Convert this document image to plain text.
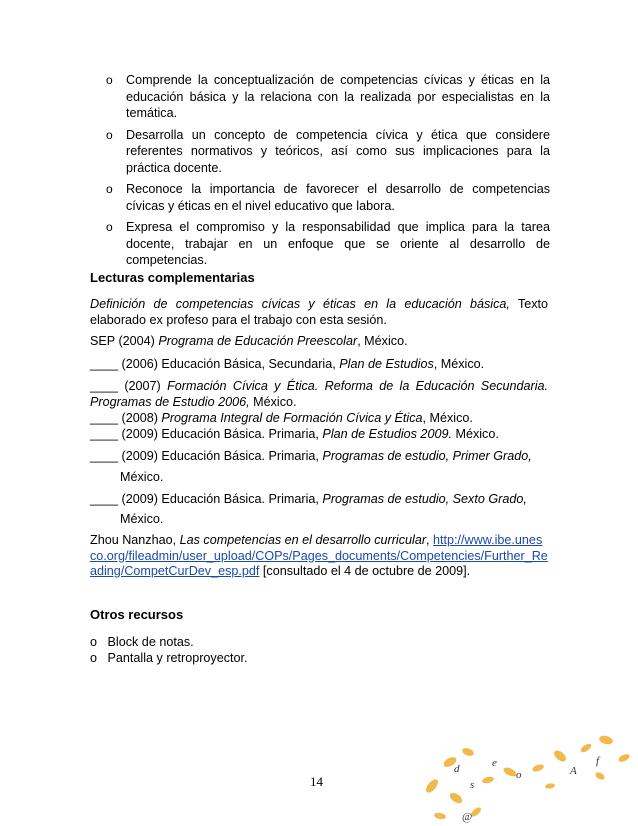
o Comprende la conceptualización de competencias cívicas y éticas en la educación básica y la relaciona con la realizada por especialistas en la temática.
o Desarrolla un concepto de competencia cívica y ética que considere referentes normativos y teóricos, así como sus implicaciones para la práctica docente.
o Reconoce la importancia de favorecer el desarrollo de competencias cívicas y éticas en el nivel educativo que labora.
o Expresa el compromiso y la responsabilidad que implica para la tarea docente, trabajar en un enfoque que se oriente al desarrollo de competencias.
Lecturas complementarias
Definición de competencias cívicas y éticas en la educación básica, Texto elaborado ex profeso para el trabajo con esta sesión.
SEP (2004) Programa de Educación Preescolar, México.
____ (2006) Educación Básica, Secundaria, Plan de Estudios, México.
____ (2007) Formación Cívica y Ética. Reforma de la Educación Secundaria. Programas de Estudio 2006, México.
____ (2008) Programa Integral de Formación Cívica y Ética, México.
____ (2009) Educación Básica. Primaria, Plan de Estudios 2009. México.
____ (2009) Educación Básica. Primaria, Programas de estudio, Primer Grado,
México.
____ (2009) Educación Básica. Primaria, Programas de estudio, Sexto Grado,
México.
Zhou Nanzhao, Las competencias en el desarrollo curricular, http://www.ibe.unesco.org/fileadmin/user_upload/COPs/Pages_documents/Competencies/Further_Reading/CompetCurDev_esp.pdf [consultado el 4 de octubre de 2009].
Otros recursos
o Block de notas.
o Pantalla y retroproyector.
14
d
s
e
o	A
f
@
